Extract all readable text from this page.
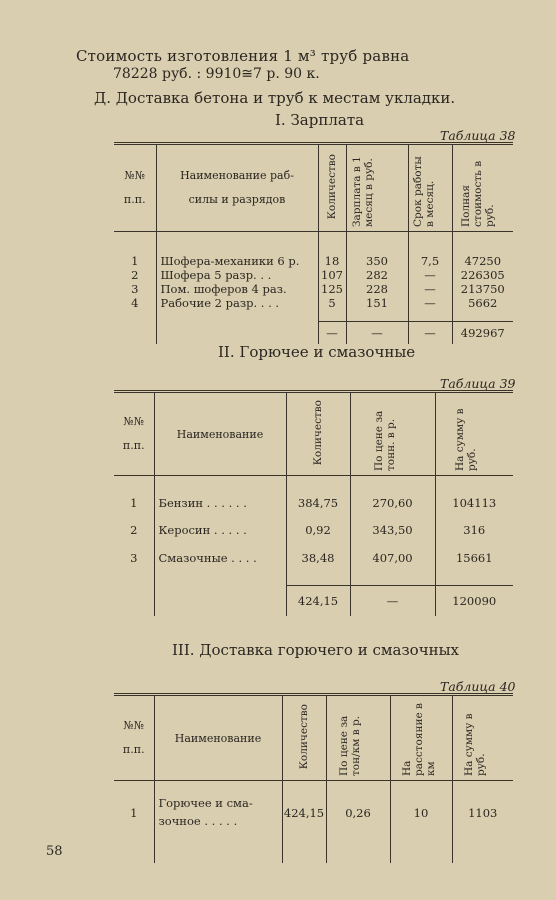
Стоимость изготовления 1 м³ труб равна
78228 руб. : 9910≅7 р. 90 к.
Д. Доставка бетона и труб к местам укладки.
I. Зарплата
Таблица 38
№№
п.п.	Наименование раб-
силы и разрядов	Количество	Зарплата в 1 месяц в руб.	Срок работы в месяц.	Полная стоимость в руб.

1	Шофера-механики 6 р.	18	350	7,5	47250
2	Шофера 5 разр. . .	107	282	—	226305
3	Пом. шоферов 4 раз.	125	228	—	213750
4	Рабочие 2 разр. . . .	5	151	—	5662

		—	—	—	492967
II. Горючее и смазочные
Таблица 39
№№
п.п.	Наименование	Количество	По цене за тонн. в р.	На сумму в руб.

1	Бензин . . . . . .	384,75	270,60	104113
2	Керосин . . . . .	0,92	343,50	316
3	Смазочные . . . .	38,48	407,00	15661

		424,15	—	120090
III. Доставка горючего и смазочных
Таблица 40
№№
п.п.	Наименование	Количество	По цене за тон/км в р.	На расстояние в км	На сумму в руб.

1	Горючее и сма-
зочное . . . . .	424,15	0,26	10	1103

58
